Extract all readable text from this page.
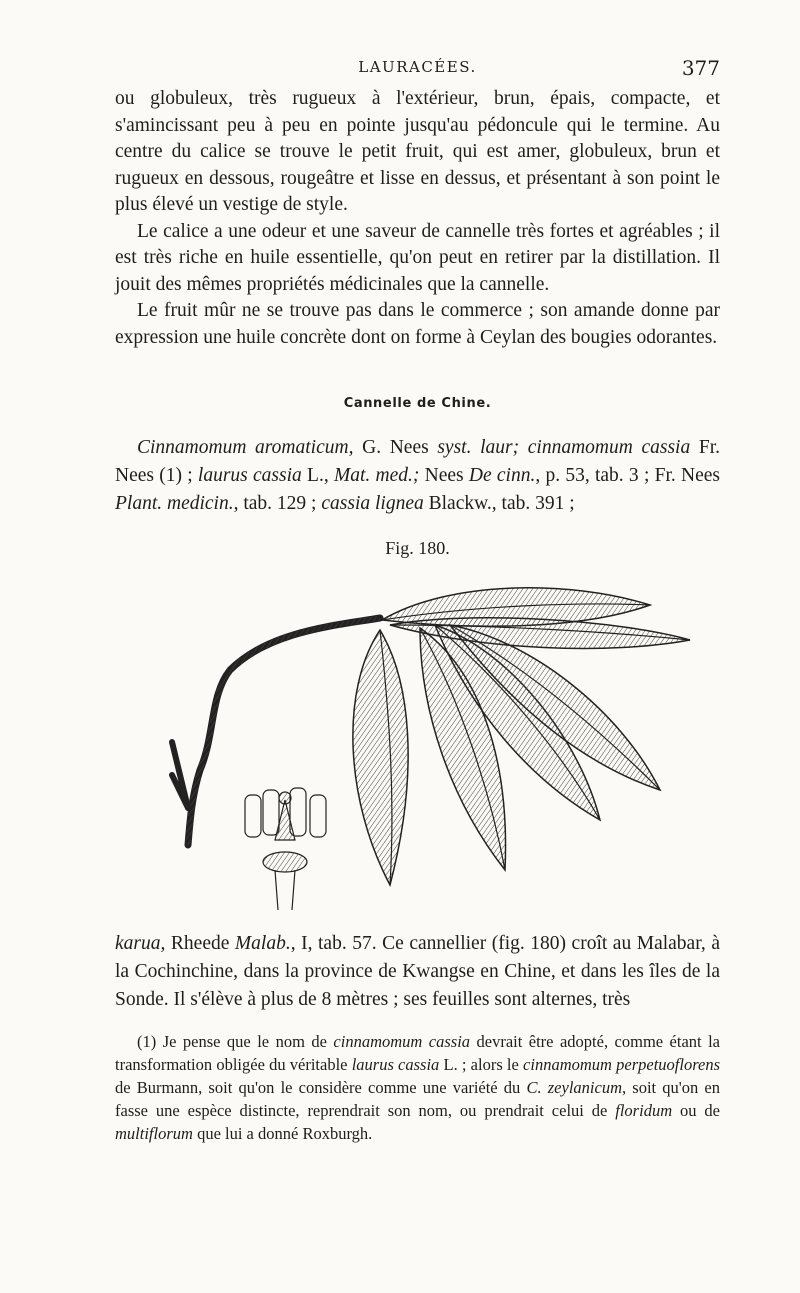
LAURACÉES.	377

ou globuleux, très rugueux à l'extérieur, brun, épais, compacte, et s'amincissant peu à peu en pointe jusqu'au pédoncule qui le termine. Au centre du calice se trouve le petit fruit, qui est amer, globuleux, brun et rugueux en dessous, rougeâtre et lisse en dessus, et présentant à son point le plus élevé un vestige de style.

Le calice a une odeur et une saveur de cannelle très fortes et agréables ; il est très riche en huile essentielle, qu'on peut en retirer par la distillation. Il jouit des mêmes propriétés médicinales que la cannelle.

Le fruit mûr ne se trouve pas dans le commerce ; son amande donne par expression une huile concrète dont on forme à Ceylan des bougies odorantes.

Cannelle de Chine.

Cinnamomum aromaticum, G. Nees syst. laur; cinnamomum cassia Fr. Nees (1) ; laurus cassia L., Mat. med.; Nees De cinn., p. 53, tab. 3 ; Fr. Nees Plant. medicin., tab. 129 ; cassia lignea Blackw., tab. 391 ;

Fig. 180.

karua, Rheede Malab., I, tab. 57. Ce cannellier (fig. 180) croît au Malabar, à la Cochinchine, dans la province de Kwangse en Chine, et dans les îles de la Sonde. Il s'élève à plus de 8 mètres ; ses feuilles sont alternes, très

(1) Je pense que le nom de cinnamomum cassia devrait être adopté, comme étant la transformation obligée du véritable laurus cassia L. ; alors le cinnamomum perpetuoflorens de Burmann, soit qu'on le considère comme une variété du C. zeylanicum, soit qu'on en fasse une espèce distincte, reprendrait son nom, ou prendrait celui de floridum ou de multiflorum que lui a donné Roxburgh.
